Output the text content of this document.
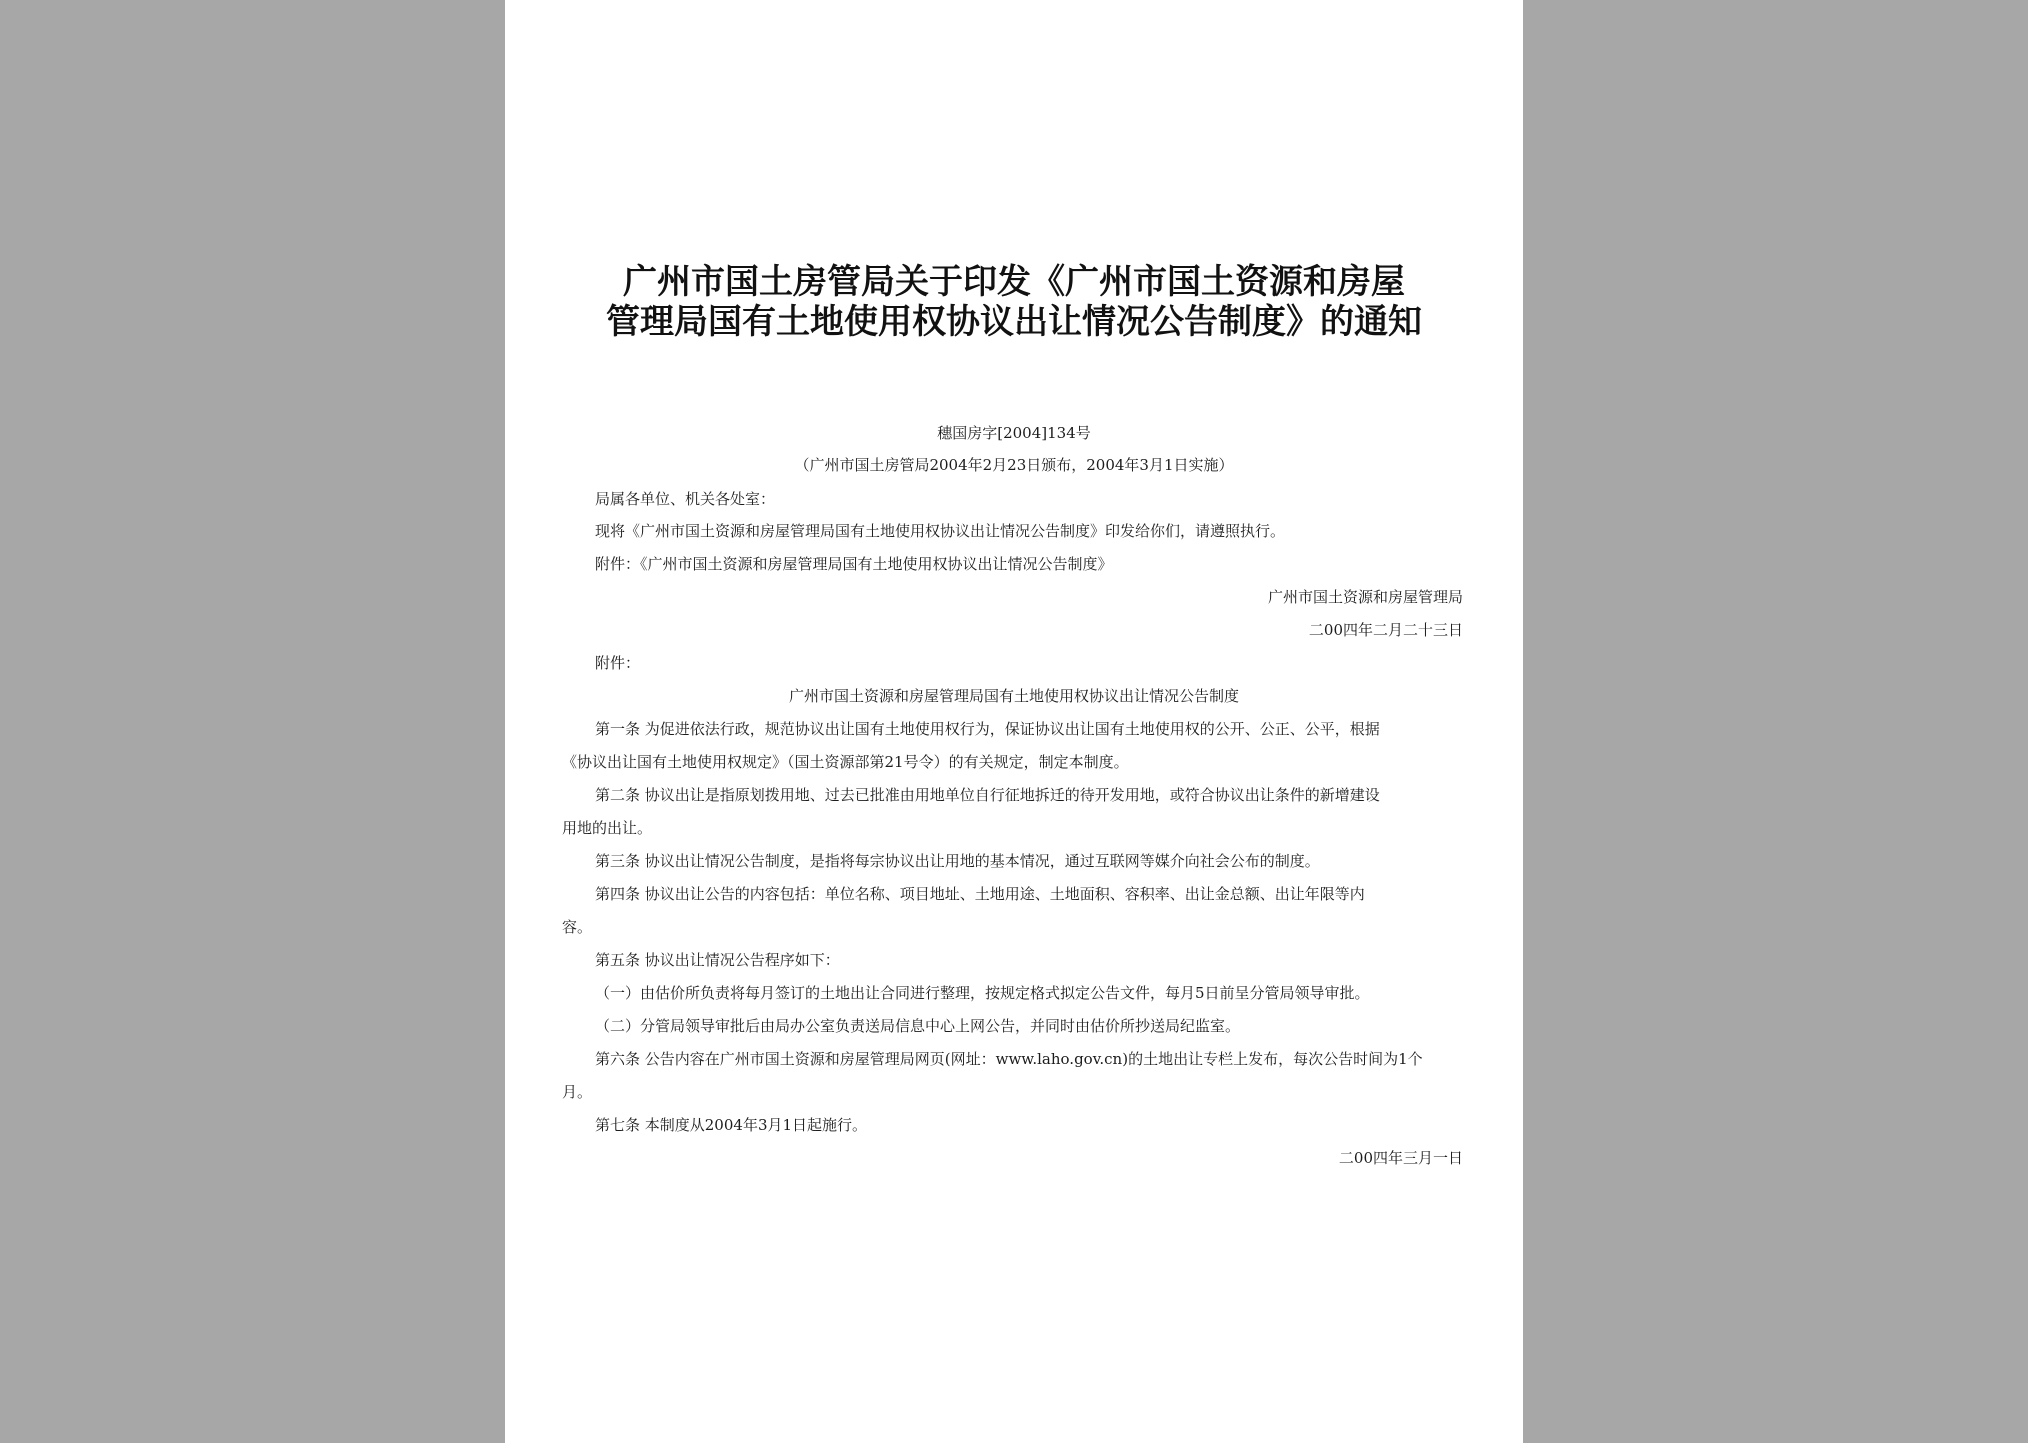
广州市国土房管局关于印发《广州市国土资源和房屋
管理局国有土地使用权协议出让情况公告制度》的通知
穗国房字[2004]134号
（广州市国土房管局2004年2月23日颁布，2004年3月1日实施）
局属各单位、机关各处室：
现将《广州市国土资源和房屋管理局国有土地使用权协议出让情况公告制度》印发给你们，请遵照执行。
附件：《广州市国土资源和房屋管理局国有土地使用权协议出让情况公告制度》
广州市国土资源和房屋管理局
二00四年二月二十三日
附件：
广州市国土资源和房屋管理局国有土地使用权协议出让情况公告制度
第一条 为促进依法行政，规范协议出让国有土地使用权行为，保证协议出让国有土地使用权的公开、公正、公平，根据
《协议出让国有土地使用权规定》（国土资源部第21号令）的有关规定，制定本制度。
第二条 协议出让是指原划拨用地、过去已批准由用地单位自行征地拆迁的待开发用地，或符合协议出让条件的新增建设
用地的出让。
第三条 协议出让情况公告制度，是指将每宗协议出让用地的基本情况，通过互联网等媒介向社会公布的制度。
第四条 协议出让公告的内容包括：单位名称、项目地址、土地用途、土地面积、容积率、出让金总额、出让年限等内
容。
第五条 协议出让情况公告程序如下：
（一）由估价所负责将每月签订的土地出让合同进行整理，按规定格式拟定公告文件，每月5日前呈分管局领导审批。
（二）分管局领导审批后由局办公室负责送局信息中心上网公告，并同时由估价所抄送局纪监室。
第六条 公告内容在广州市国土资源和房屋管理局网页(网址：www.laho.gov.cn)的土地出让专栏上发布，每次公告时间为1个
月。
第七条 本制度从2004年3月1日起施行。
二00四年三月一日
